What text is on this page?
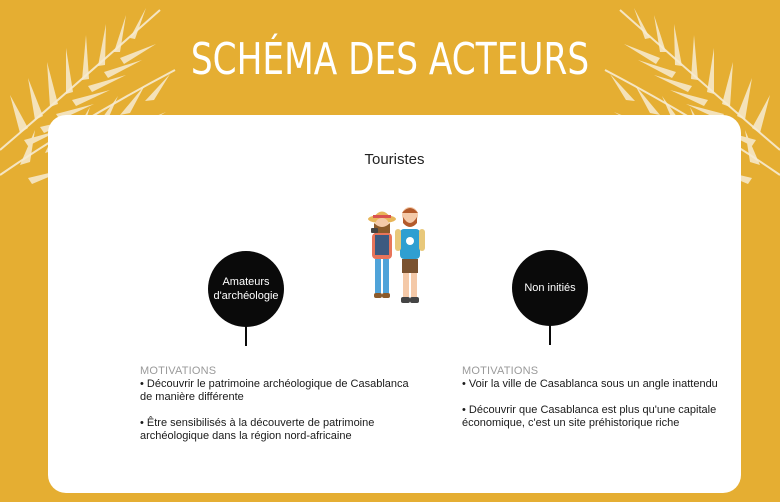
SCHÉMA DES ACTEURS
Touristes
Amateurs d'archéologie
MOTIVATIONS
• Découvrir le patrimoine archéologique de Casablanca de manière différente
• Être sensibilisés à la découverte de patrimoine archéologique dans la région nord-africaine
Non initiés
MOTIVATIONS
• Voir la ville de Casablanca sous un angle inattendu
• Découvrir que Casablanca est plus qu'une capitale économique, c'est un site préhistorique riche
